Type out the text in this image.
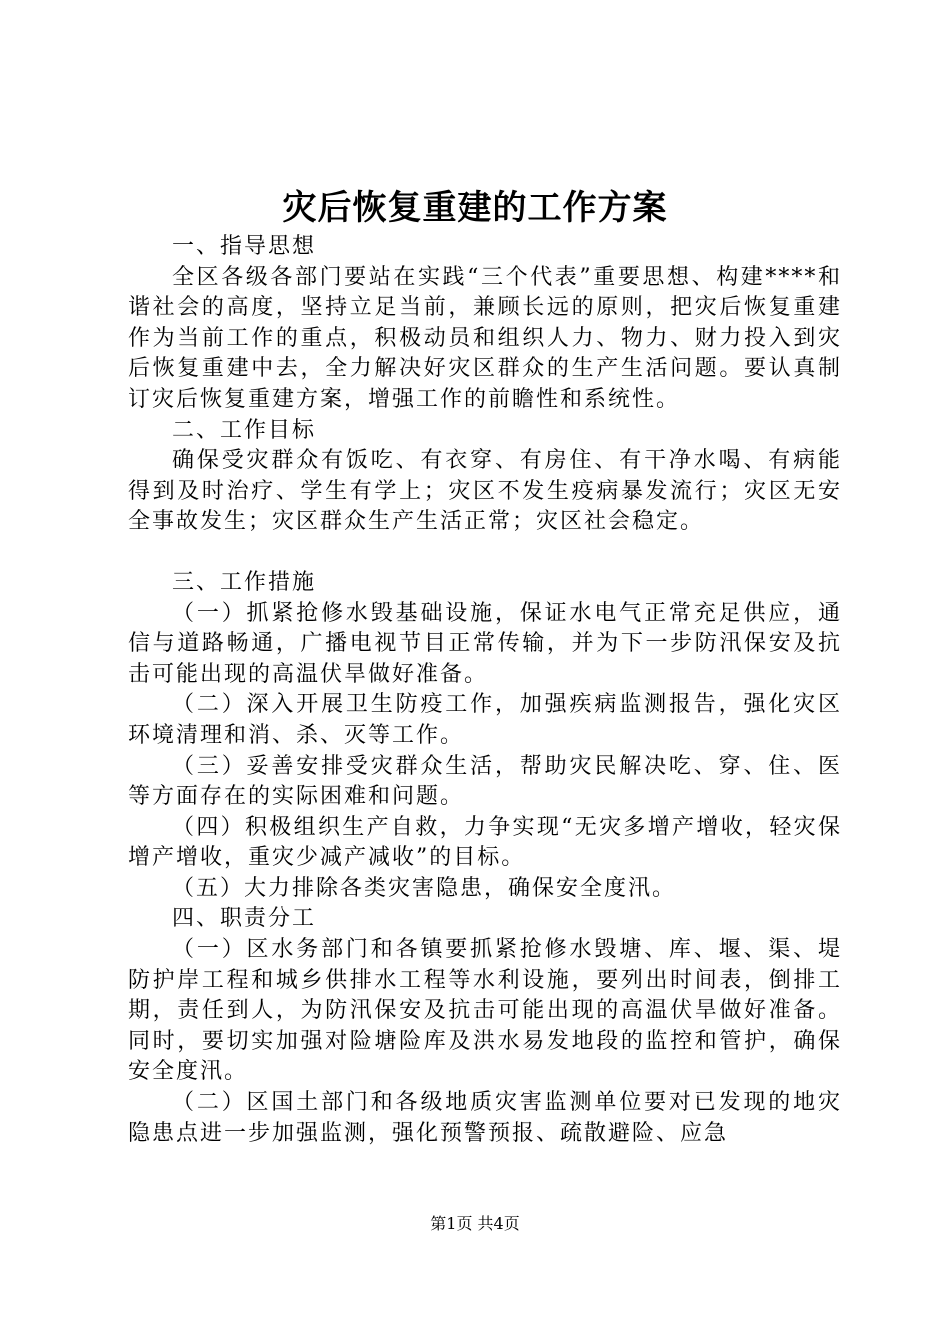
灾后恢复重建的工作方案

一、指导思想

全区各级各部门要站在实践“三个代表”重要思想、构建****和谐社会的高度，坚持立足当前，兼顾长远的原则，把灾后恢复重建作为当前工作的重点，积极动员和组织人力、物力、财力投入到灾后恢复重建中去，全力解决好灾区群众的生产生活问题。要认真制订灾后恢复重建方案，增强工作的前瞻性和系统性。

二、工作目标

确保受灾群众有饭吃、有衣穿、有房住、有干净水喝、有病能得到及时治疗、学生有学上；灾区不发生疫病暴发流行；灾区无安全事故发生；灾区群众生产生活正常；灾区社会稳定。

三、工作措施

（一）抓紧抢修水毁基础设施，保证水电气正常充足供应，通信与道路畅通，广播电视节目正常传输，并为下一步防汛保安及抗击可能出现的高温伏旱做好准备。

（二）深入开展卫生防疫工作，加强疾病监测报告，强化灾区环境清理和消、杀、灭等工作。

（三）妥善安排受灾群众生活，帮助灾民解决吃、穿、住、医等方面存在的实际困难和问题。

（四）积极组织生产自救，力争实现“无灾多增产增收，轻灾保增产增收，重灾少减产减收”的目标。

（五）大力排除各类灾害隐患，确保安全度汛。

四、职责分工

（一）区水务部门和各镇要抓紧抢修水毁塘、库、堰、渠、堤防护岸工程和城乡供排水工程等水利设施，要列出时间表，倒排工期，责任到人，为防汛保安及抗击可能出现的高温伏旱做好准备。同时，要切实加强对险塘险库及洪水易发地段的监控和管护，确保安全度汛。

（二）区国土部门和各级地质灾害监测单位要对已发现的地灾隐患点进一步加强监测，强化预警预报、疏散避险、应急

第1页 共4页
